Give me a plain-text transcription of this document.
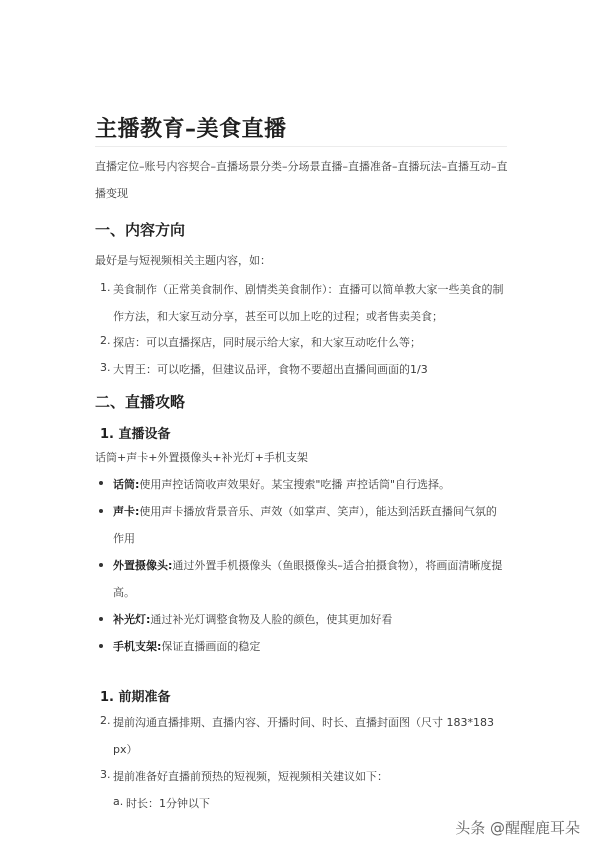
主播教育–美食直播
直播定位–账号内容契合–直播场景分类–分场景直播–直播准备–直播玩法–直播互动–直
播变现
一、内容方向
最好是与短视频相关主题内容，如：
1. 美食制作（正常美食制作、剧情类美食制作）：直播可以简单教大家一些美食的制
作方法，和大家互动分享，甚至可以加上吃的过程；或者售卖美食；
2. 探店：可以直播探店，同时展示给大家，和大家互动吃什么等；
3. 大胃王：可以吃播，但建议品评，食物不要超出直播间画面的1/3
二、直播攻略
1. 直播设备
话筒+声卡+外置摄像头+补光灯+手机支架
话筒:使用声控话筒收声效果好。某宝搜索"吃播 声控话筒"自行选择。
声卡:使用声卡播放背景音乐、声效（如掌声、笑声），能达到活跃直播间气氛的
作用
外置摄像头:通过外置手机摄像头（鱼眼摄像头–适合拍摄食物），将画面清晰度提
高。
补光灯:通过补光灯调整食物及人脸的颜色，使其更加好看
手机支架:保证直播画面的稳定
1. 前期准备
2. 提前沟通直播排期、直播内容、开播时间、时长、直播封面图（尺寸 183*183
px）
3. 提前准备好直播前预热的短视频，短视频相关建议如下：
a. 时长：1分钟以下
头条 @醒醒鹿耳朵
